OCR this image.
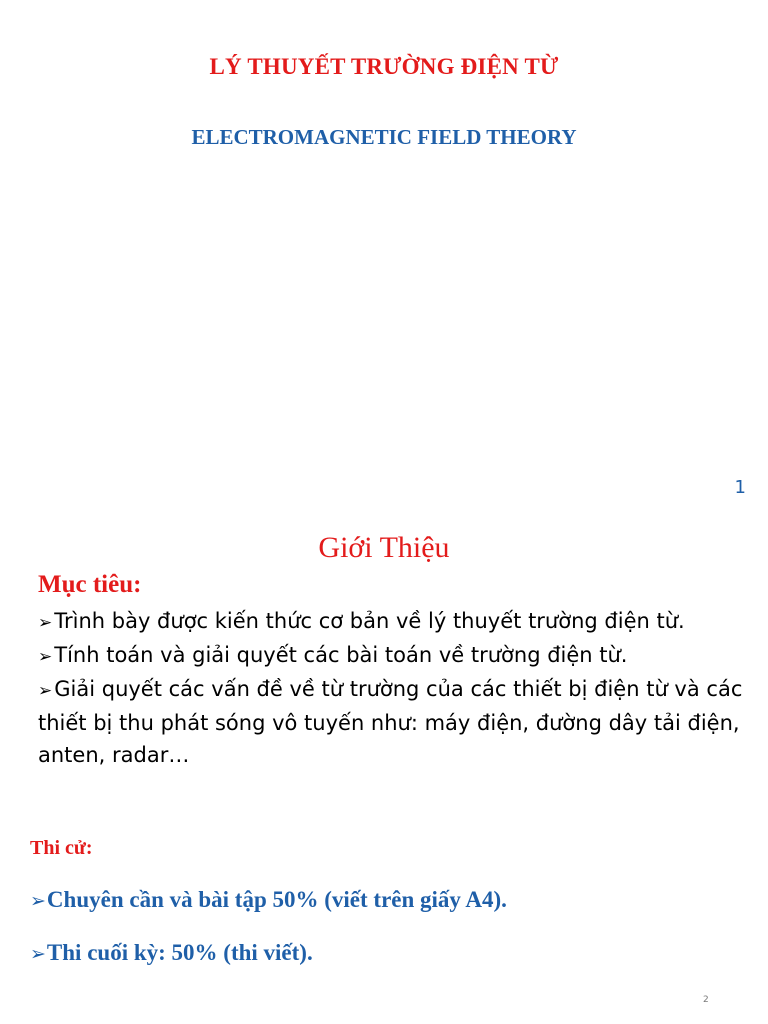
LÝ THUYẾT TRƯỜNG ĐIỆN TỪ
ELECTROMAGNETIC FIELD THEORY
1
Giới Thiệu
Mục tiêu:
➢Trình bày được kiến thức cơ bản về lý thuyết trường điện từ.
➢Tính toán và giải quyết các bài toán về trường điện từ.
➢Giải quyết các vấn đề về từ trường của các thiết bị điện từ và các thiết bị thu phát sóng vô tuyến như: máy điện, đường dây tải điện, anten, radar…
Thi cử:
➢Chuyên cần và bài tập 50% (viết trên giấy A4).
➢Thi cuối kỳ: 50% (thi viết).
2
